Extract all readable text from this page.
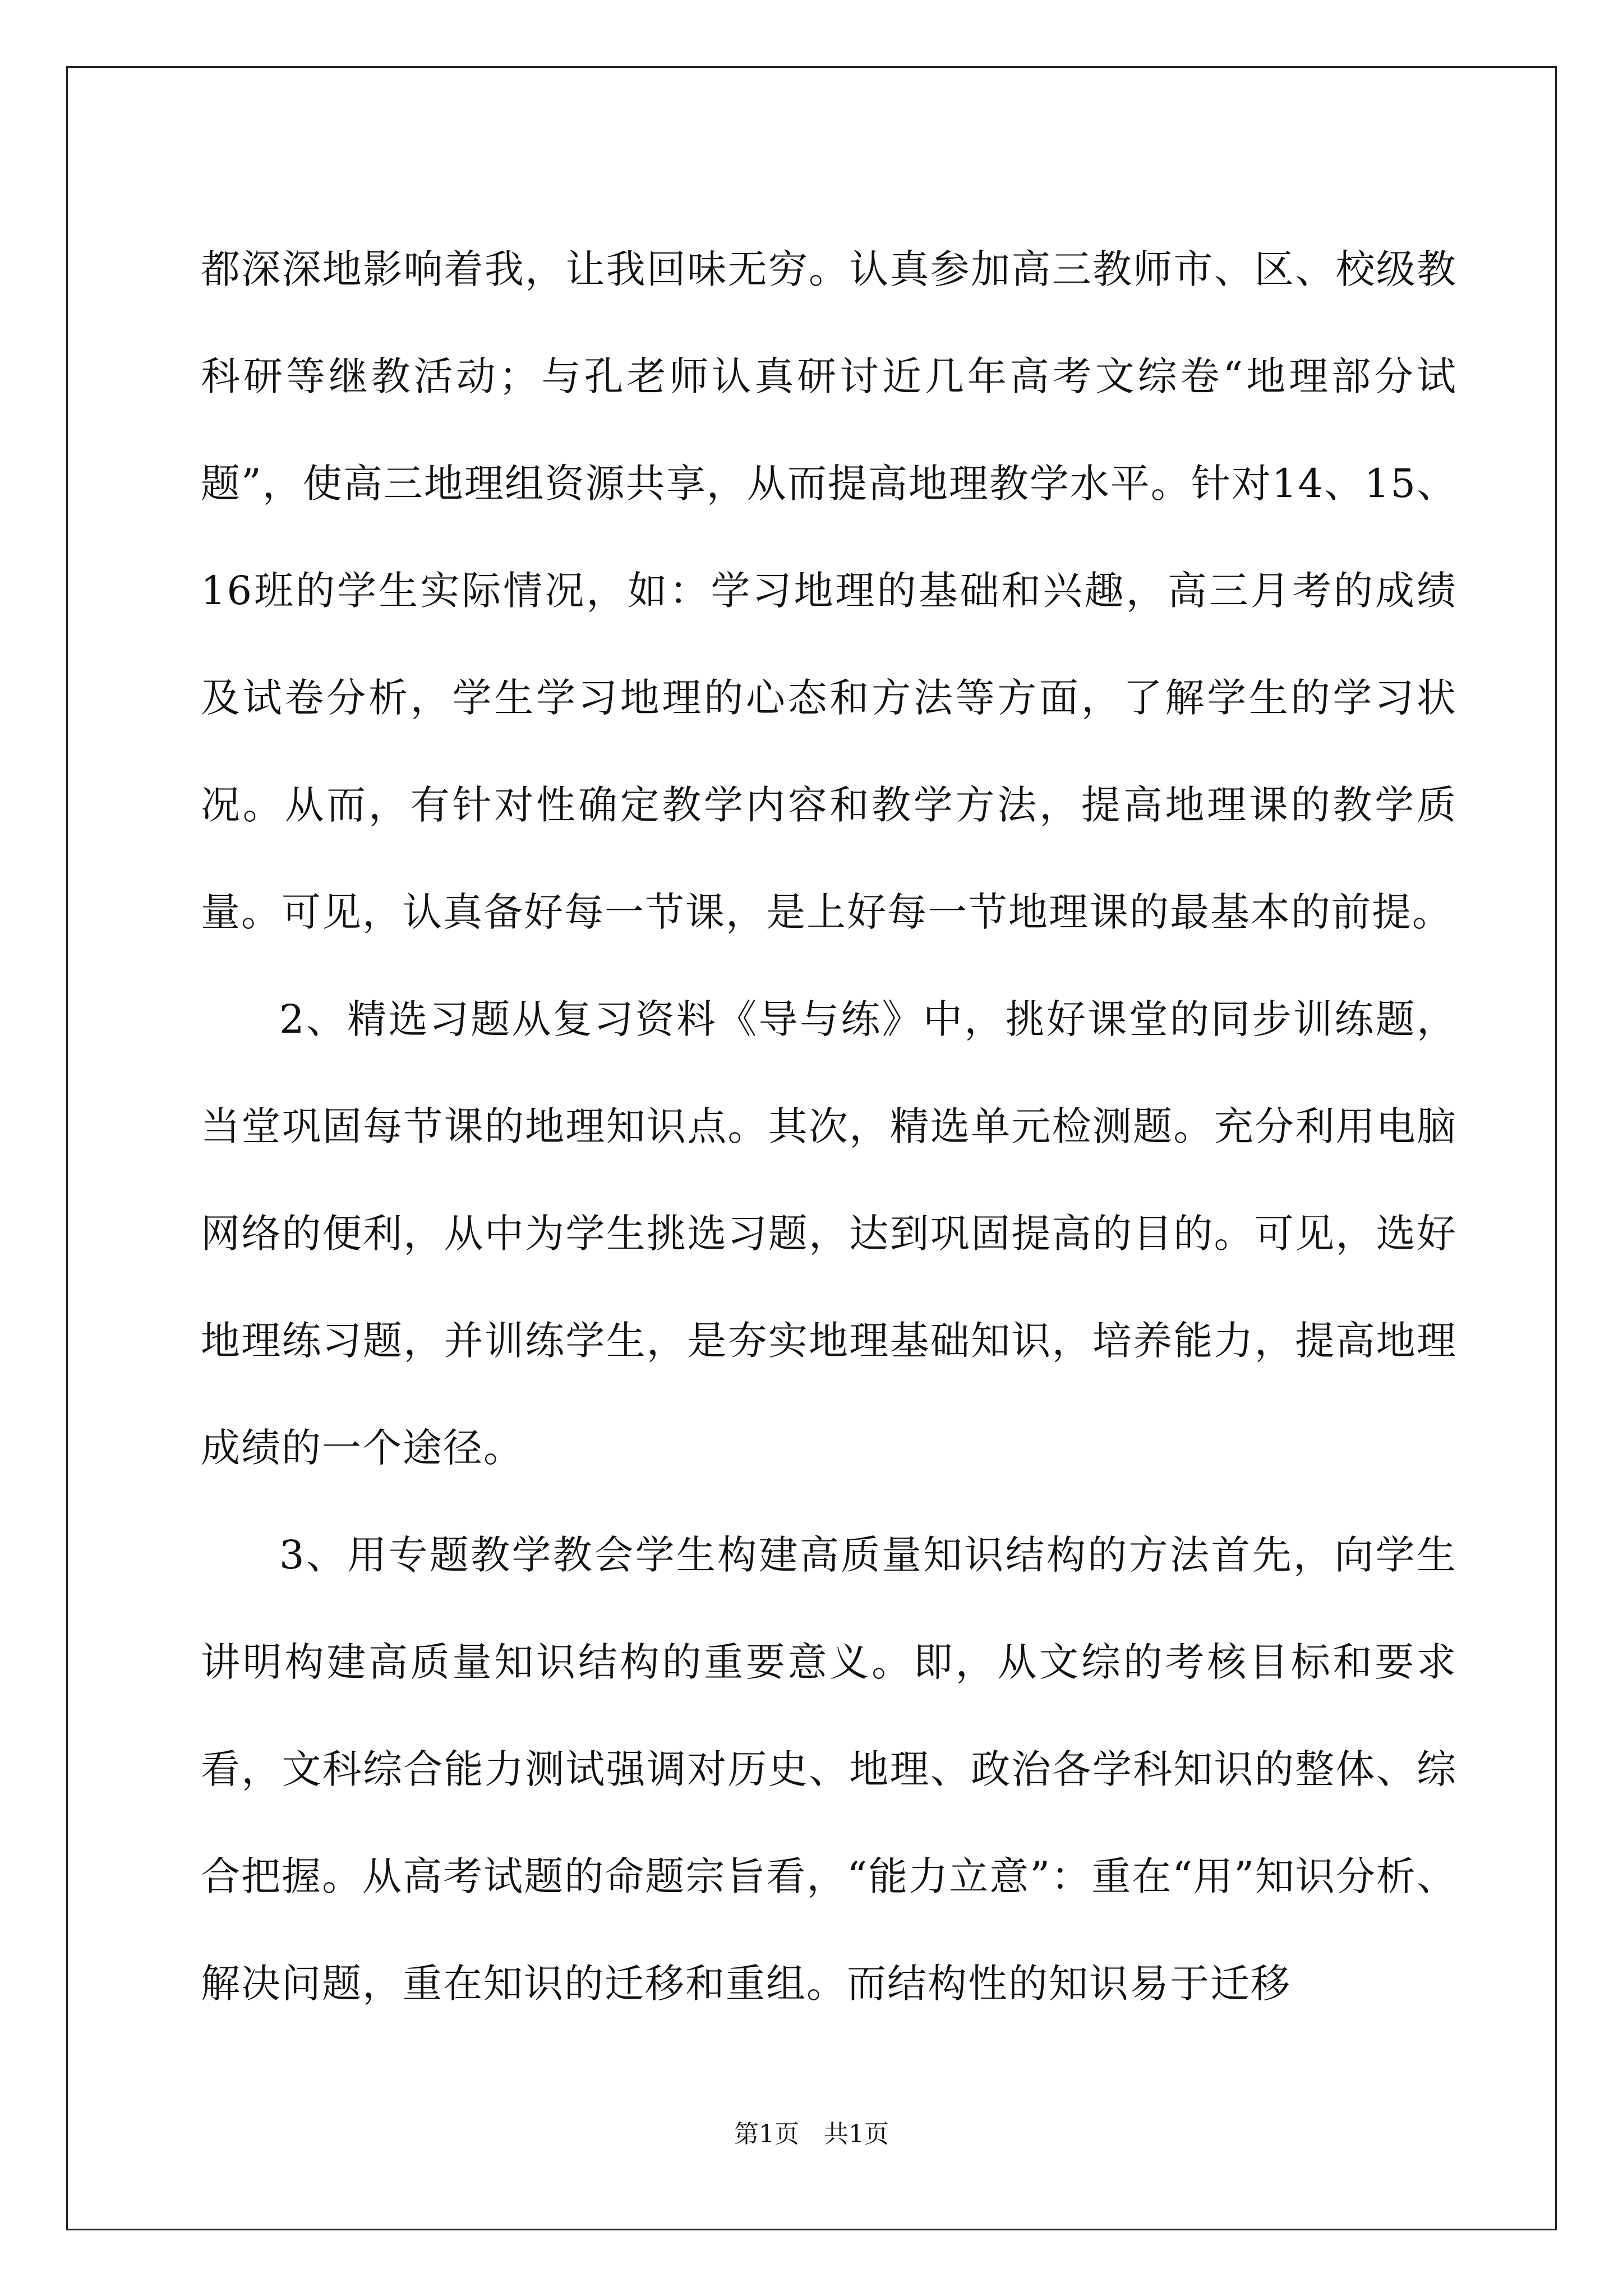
都深深地影响着我，让我回味无穷。认真参加高三教师市、区、校级教科研等继教活动；与孔老师认真研讨近几年高考文综卷“地理部分试题”，使高三地理组资源共享，从而提高地理教学水平。针对14、15、16班的学生实际情况，如：学习地理的基础和兴趣，高三月考的成绩及试卷分析，学生学习地理的心态和方法等方面，了解学生的学习状况。从而，有针对性确定教学内容和教学方法，提高地理课的教学质量。可见，认真备好每一节课，是上好每一节地理课的最基本的前提。

2、精选习题从复习资料《导与练》中，挑好课堂的同步训练题，当堂巩固每节课的地理知识点。其次，精选单元检测题。充分利用电脑网络的便利，从中为学生挑选习题，达到巩固提高的目的。可见，选好地理练习题，并训练学生，是夯实地理基础知识，培养能力，提高地理成绩的一个途径。

3、用专题教学教会学生构建高质量知识结构的方法首先，向学生讲明构建高质量知识结构的重要意义。即，从文综的考核目标和要求看，文科综合能力测试强调对历史、地理、政治各学科知识的整体、综合把握。从高考试题的命题宗旨看，“能力立意”：重在“用”知识分析、解决问题，重在知识的迁移和重组。而结构性的知识易于迁移

第1页 共1页
